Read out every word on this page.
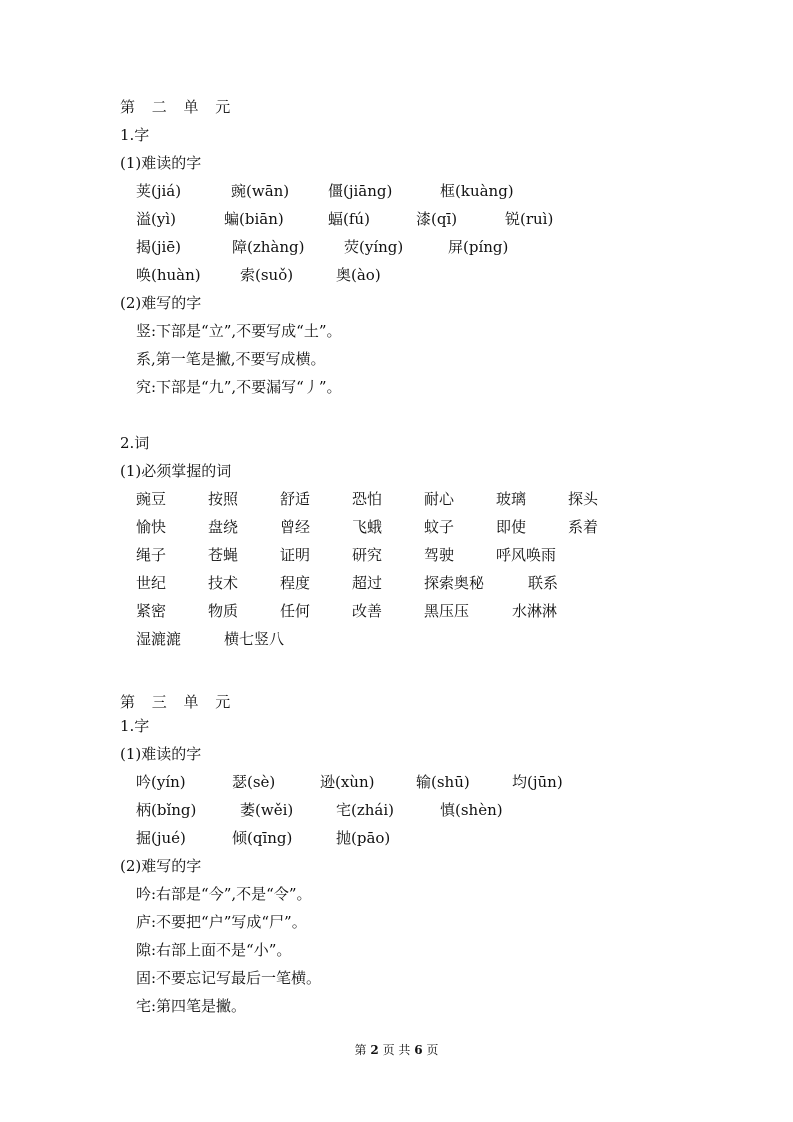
第 二 单 元
1.字
(1)难读的字
荚(jiá)	豌(wān)	僵(jiāng)	框(kuàng)
溢(yì)	蝙(biān)	蝠(fú)	漆(qī)	锐(ruì)
揭(jiē)	障(zhàng)	荧(yíng)	屏(píng)
唤(huàn)	索(suǒ)	奥(ào)
(2)难写的字
竖:下部是“立”,不要写成“土”。
系,第一笔是撇,不要写成横。
究:下部是“九”,不要漏写“丿”。
2.词
(1)必须掌握的词
豌豆	按照	舒适	恐怕	耐心	玻璃	探头
愉快	盘绕	曾经	飞蛾	蚊子	即使	系着
绳子	苍蝇	证明	研究	驾驶	呼风唤雨
世纪	技术	程度	超过	探索奥秘	联系
紧密	物质	任何	改善	黑压压	水淋淋
湿漉漉	横七竖八
第 三 单 元
1.字
(1)难读的字
吟(yín)	瑟(sè)	逊(xùn)	输(shū)	均(jūn)
柄(bǐng)	萎(wěi)	宅(zhái)	慎(shèn)
掘(jué)	倾(qīng)	抛(pāo)
(2)难写的字
吟:右部是“今”,不是“令”。
庐:不要把“户”写成“尸”。
隙:右部上面不是“小”。
固:不要忘记写最后一笔横。
宅:第四笔是撇。
第 2 页 共 6 页
